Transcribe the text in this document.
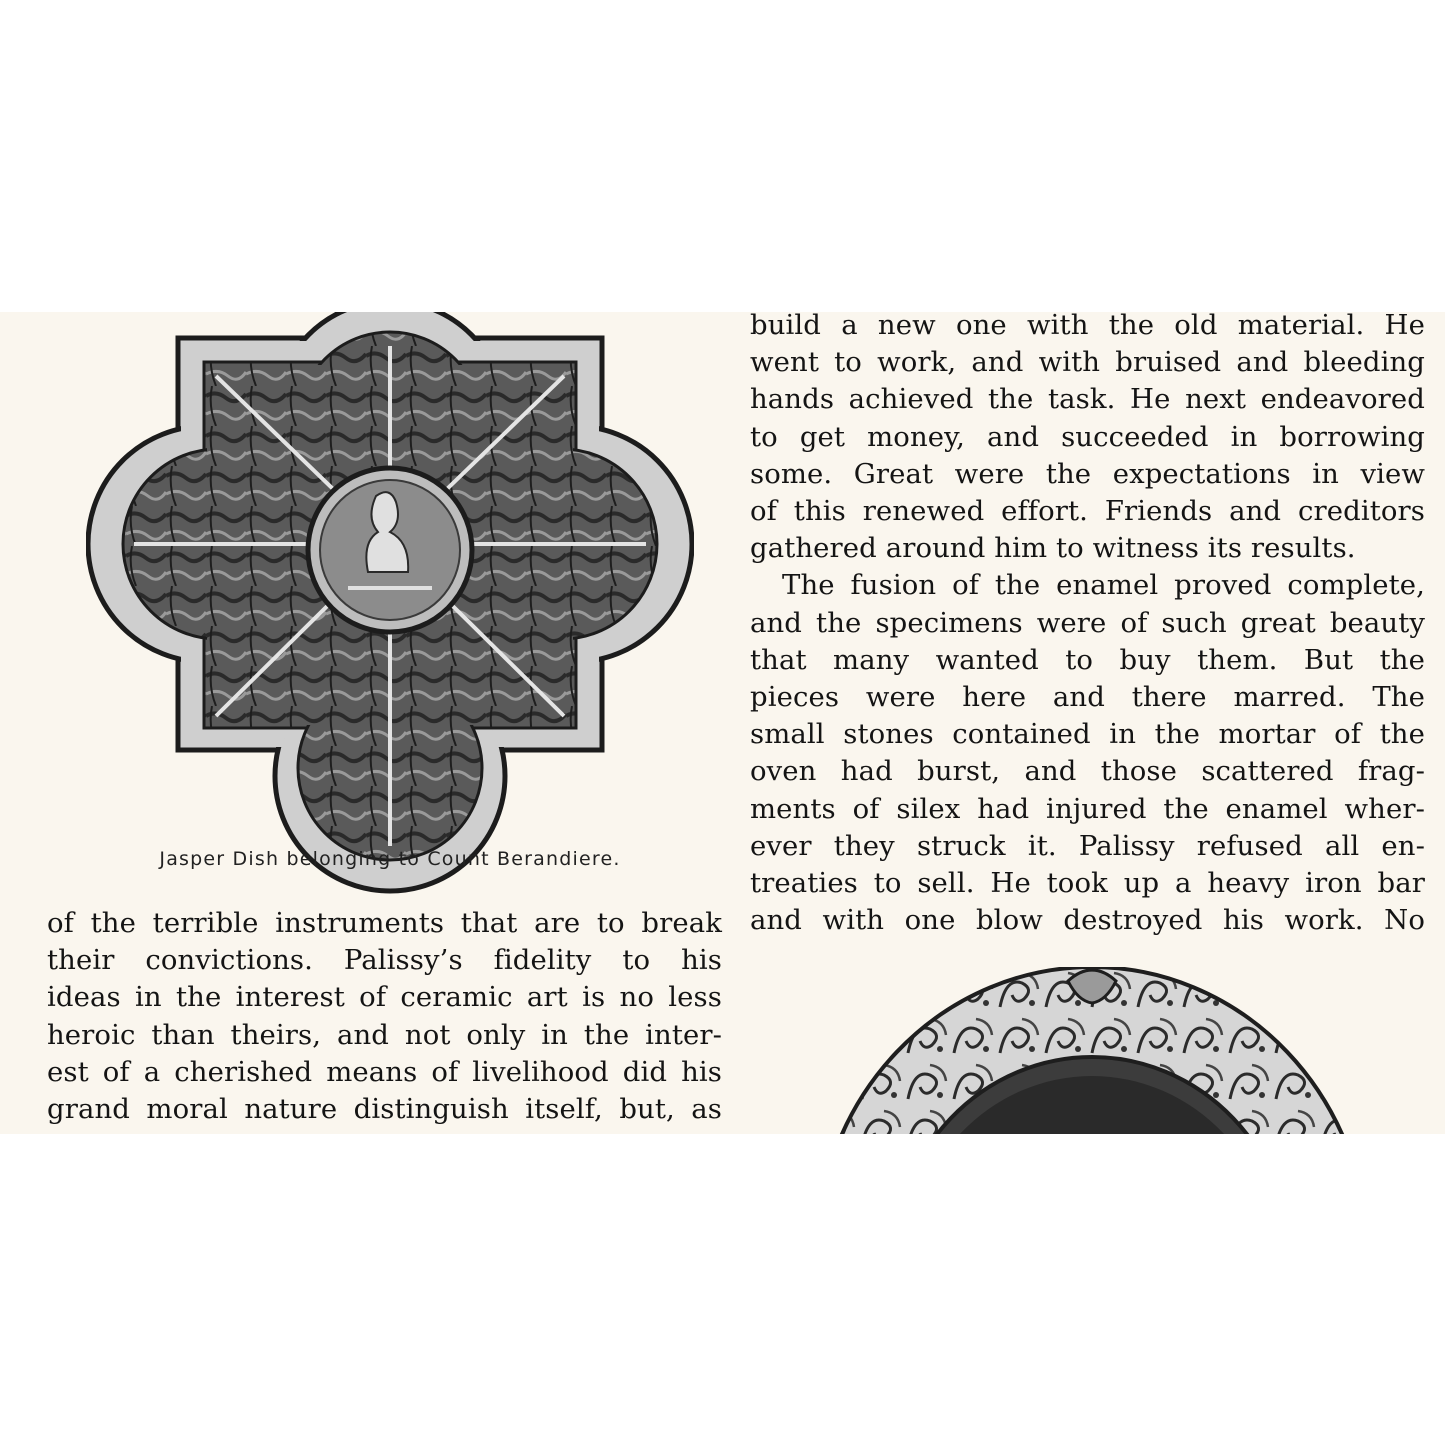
Jasper Dish belonging to Count Berandiere.
of the terrible instruments that are to break
their convictions. Palissy’s fidelity to his
ideas in the interest of ceramic art is no less
heroic than theirs, and not only in the inter-
est of a cherished means of livelihood did his
grand moral nature distinguish itself, but, as
build a new one with the old material. He
went to work, and with bruised and bleeding
hands achieved the task. He next endeavored
to get money, and succeeded in borrowing
some. Great were the expectations in view
of this renewed effort. Friends and creditors
gathered around him to witness its results.
The fusion of the enamel proved complete,
and the specimens were of such great beauty
that many wanted to buy them. But the
pieces were here and there marred. The
small stones contained in the mortar of the
oven had burst, and those scattered frag-
ments of silex had injured the enamel wher-
ever they struck it. Palissy refused all en-
treaties to sell. He took up a heavy iron bar
and with one blow destroyed his work. No
